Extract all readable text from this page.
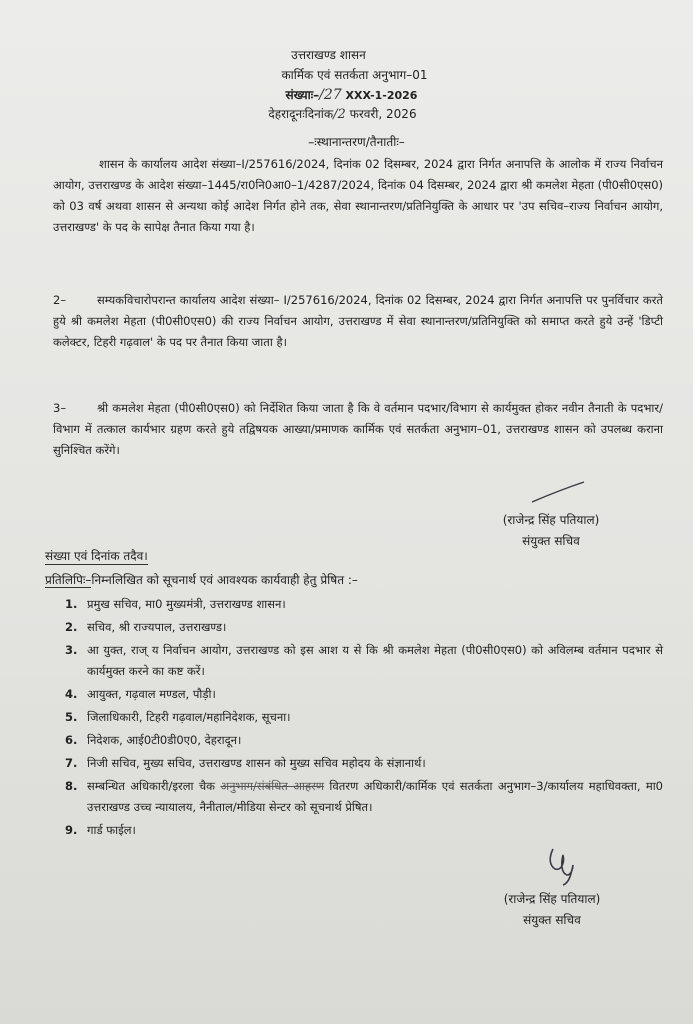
उत्तराखण्ड शासन
कार्मिक एवं सतर्कता अनुभाग–01
संख्याः–/27 XXX-1-2026
देहरादूनःदिनांक/2 फरवरी, 2026
–ःस्थानान्तरण/तैनातीः–
शासन के कार्यालय आदेश संख्या–I/257616/2024, दिनांक 02 दिसम्बर, 2024 द्वारा निर्गत अनापत्ति के आलोक में राज्य निर्वाचन आयोग, उत्तराखण्ड के आदेश संख्या–1445/रा0नि0आ0–1/4287/2024, दिनांक 04 दिसम्बर, 2024 द्वारा श्री कमलेश मेहता (पी0सी0एस0) को 03 वर्ष अथवा शासन से अन्यथा कोई आदेश निर्गत होने तक, सेवा स्थानान्तरण/प्रतिनियुक्ति के आधार पर 'उप सचिव–राज्य निर्वाचन आयोग, उत्तराखण्ड' के पद के सापेक्ष तैनात किया गया है।
2–	सम्यकविचारोपरान्त कार्यालय आदेश संख्या– I/257616/2024, दिनांक 02 दिसम्बर, 2024 द्वारा निर्गत अनापत्ति पर पुनर्विचार करते हुये श्री कमलेश मेहता (पी0सी0एस0) की राज्य निर्वाचन आयोग, उत्तराखण्ड में सेवा स्थानान्तरण/प्रतिनियुक्ति को समाप्त करते हुये उन्हें 'डिप्टी कलेक्टर, टिहरी गढ़वाल' के पद पर तैनात किया जाता है।
3–	श्री कमलेश मेहता (पी0सी0एस0) को निर्देशित किया जाता है कि वे वर्तमान पदभार/विभाग से कार्यमुक्त होकर नवीन तैनाती के पदभार/विभाग में तत्काल कार्यभार ग्रहण करते हुये तद्विषयक आख्या/प्रमाणक कार्मिक एवं सतर्कता अनुभाग–01, उत्तराखण्ड शासन को उपलब्ध कराना सुनिश्चित करेंगे।
(राजेन्द्र सिंह पतियाल)
संयुक्त सचिव
संख्या एवं दिनांक तदैव।
प्रतिलिपिः–निम्नलिखित को सूचनार्थ एवं आवश्यक कार्यवाही हेतु प्रेषित :–
1. प्रमुख सचिव, मा0 मुख्यमंत्री, उत्तराखण्ड शासन।
2. सचिव, श्री राज्यपाल, उत्तराखण्ड।
3. आ युक्त, राज् य निर्वाचन आयोग, उत्तराखण्ड को इस आश य से कि श्री कमलेश मेहता (पी0सी0एस0) को अविलम्ब वर्तमान पदभार से कार्यमुक्त करने का कष्ट करें।
4. आयुक्त, गढ़वाल मण्डल, पौड़ी।
5. जिलाधिकारी, टिहरी गढ़वाल/महानिदेशक, सूचना।
6. निदेशक, आई0टी0डी0ए0, देहरादून।
7. निजी सचिव, मुख्य सचिव, उत्तराखण्ड शासन को मुख्य सचिव महोदय के संज्ञानार्थ।
8. सम्बन्धित अधिकारी/इरला चैक अनुभाग/संबंधित आहरण वितरण अधिकारी/कार्मिक एवं सतर्कता अनुभाग–3/कार्यालय महाधिवक्ता, मा0 उत्तराखण्ड उच्च न्यायालय, नैनीताल/मीडिया सेन्टर को सूचनार्थ प्रेषित।
9. गार्ड फाईल।
(राजेन्द्र सिंह पतियाल)
संयुक्त सचिव
